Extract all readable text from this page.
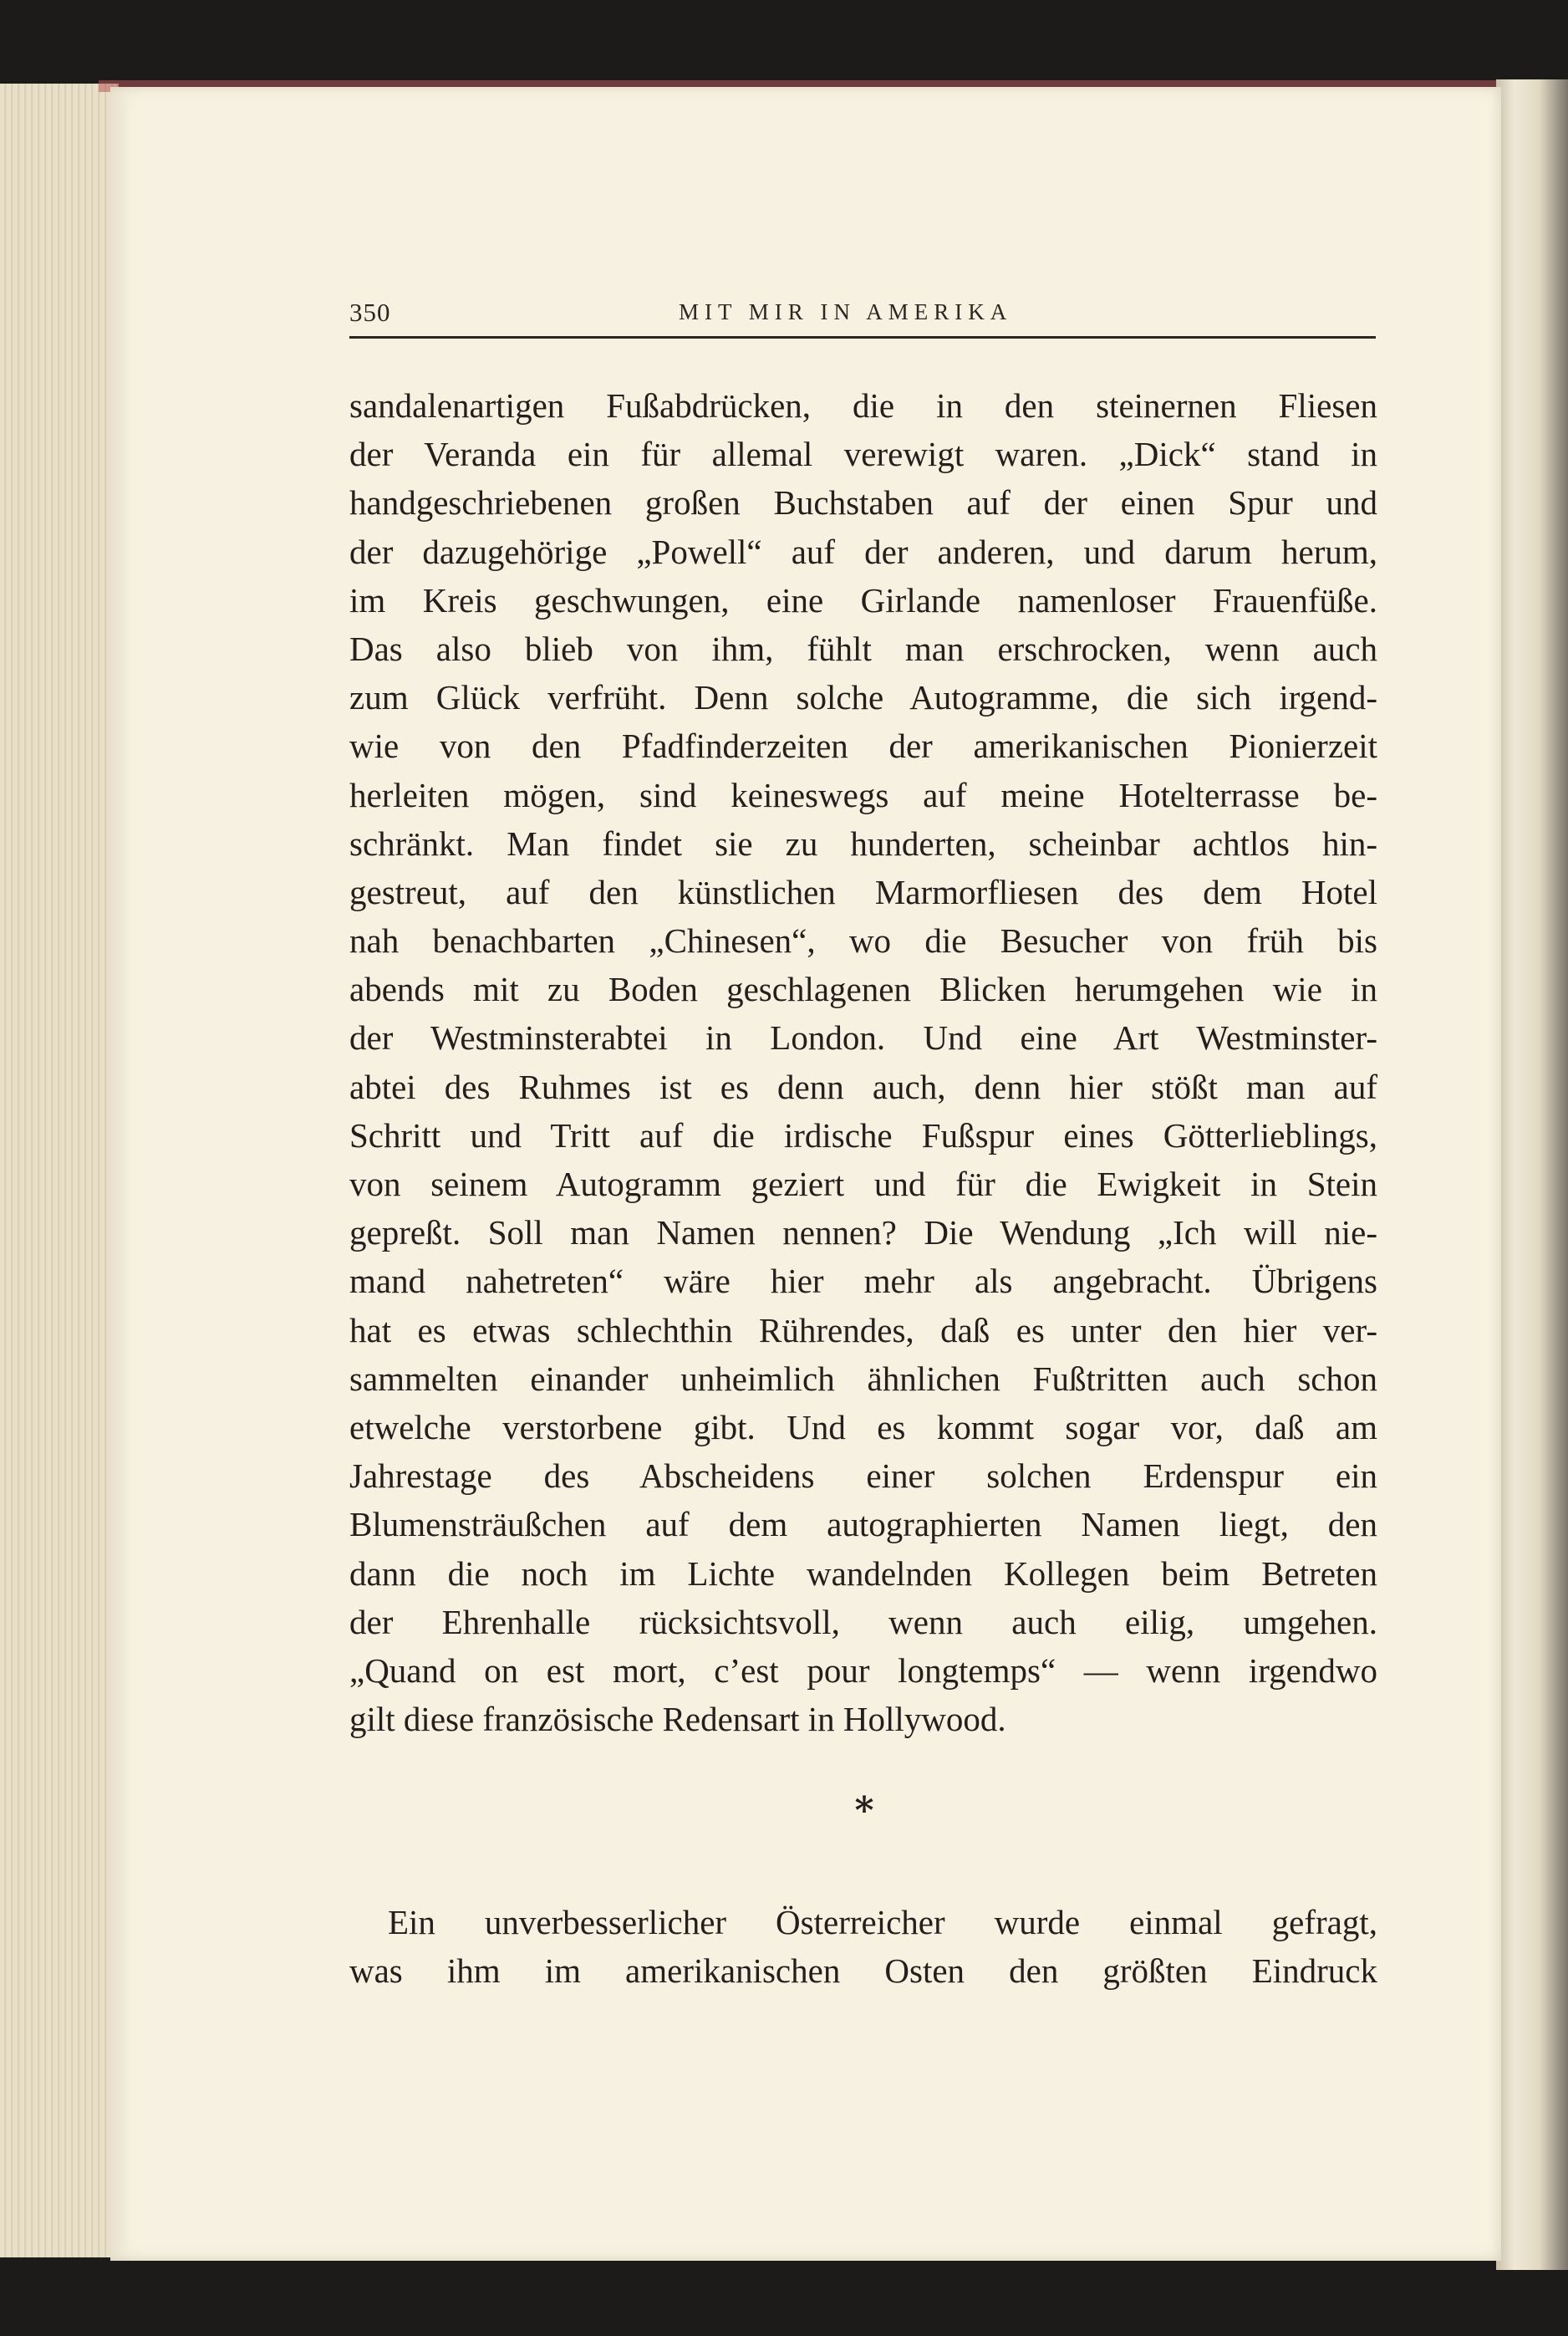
350	MIT MIR IN AMERIKA
sandalenartigen Fußabdrücken, die in den steinernen Fliesen
der Veranda ein für allemal verewigt waren. „Dick“ stand in
handgeschriebenen großen Buchstaben auf der einen Spur und
der dazugehörige „Powell“ auf der anderen, und darum herum,
im Kreis geschwungen, eine Girlande namenloser Frauenfüße.
Das also blieb von ihm, fühlt man erschrocken, wenn auch
zum Glück verfrüht. Denn solche Autogramme, die sich irgend-
wie von den Pfadfinderzeiten der amerikanischen Pionierzeit
herleiten mögen, sind keineswegs auf meine Hotelterrasse be-
schränkt. Man findet sie zu hunderten, scheinbar achtlos hin-
gestreut, auf den künstlichen Marmorfliesen des dem Hotel
nah benachbarten „Chinesen“, wo die Besucher von früh bis
abends mit zu Boden geschlagenen Blicken herumgehen wie in
der Westminsterabtei in London. Und eine Art Westminster-
abtei des Ruhmes ist es denn auch, denn hier stößt man auf
Schritt und Tritt auf die irdische Fußspur eines Götterlieblings,
von seinem Autogramm geziert und für die Ewigkeit in Stein
gepreßt. Soll man Namen nennen? Die Wendung „Ich will nie-
mand nahetreten“ wäre hier mehr als angebracht. Übrigens
hat es etwas schlechthin Rührendes, daß es unter den hier ver-
sammelten einander unheimlich ähnlichen Fußtritten auch schon
etwelche verstorbene gibt. Und es kommt sogar vor, daß am
Jahrestage des Abscheidens einer solchen Erdenspur ein
Blumensträußchen auf dem autographierten Namen liegt, den
dann die noch im Lichte wandelnden Kollegen beim Betreten
der Ehrenhalle rücksichtsvoll, wenn auch eilig, umgehen.
„Quand on est mort, c’est pour longtemps“ — wenn irgendwo
gilt diese französische Redensart in Hollywood.
*
Ein unverbesserlicher Österreicher wurde einmal gefragt,
was ihm im amerikanischen Osten den größten Eindruck
